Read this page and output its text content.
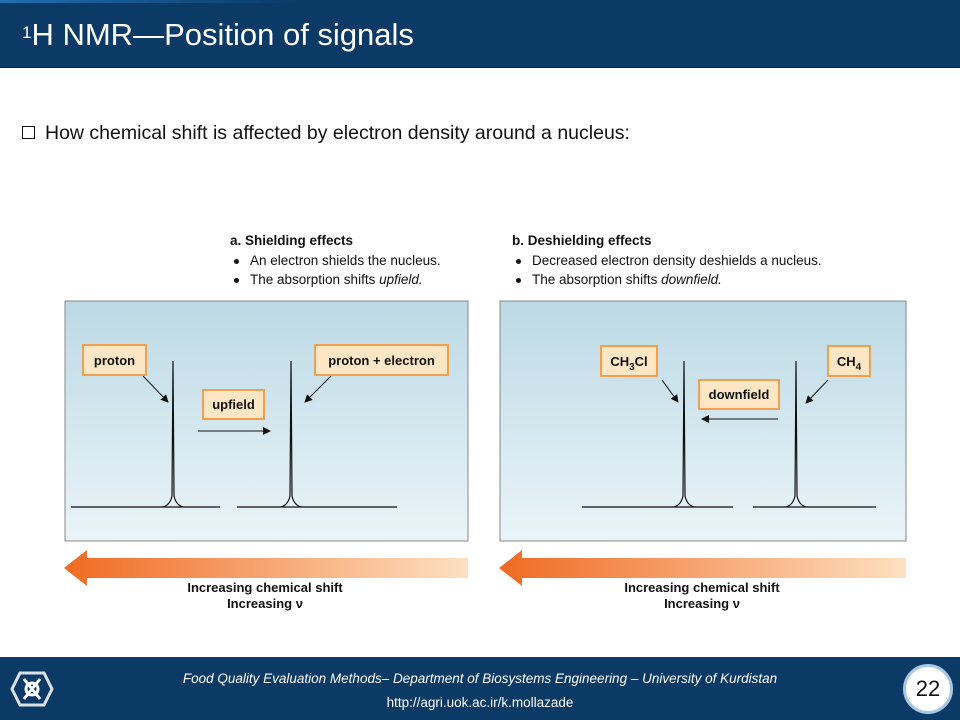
$^1$H NMR—Position of signals
How chemical shift is affected by electron density around a nucleus:
a. Shielding effects
An electron shields the nucleus.
The absorption shifts upfield.
b. Deshielding effects
Decreased electron density deshields a nucleus.
The absorption shifts downfield.
proton	proton + electron
upfield
$CH_3Cl$	$CH_4$
downfield
Increasing chemical shift
Increasing ν
Increasing chemical shift
Increasing ν
Food Quality Evaluation Methods– Department of Biosystems Engineering – University of Kurdistan
http://agri.uok.ac.ir/k.mollazade
22
